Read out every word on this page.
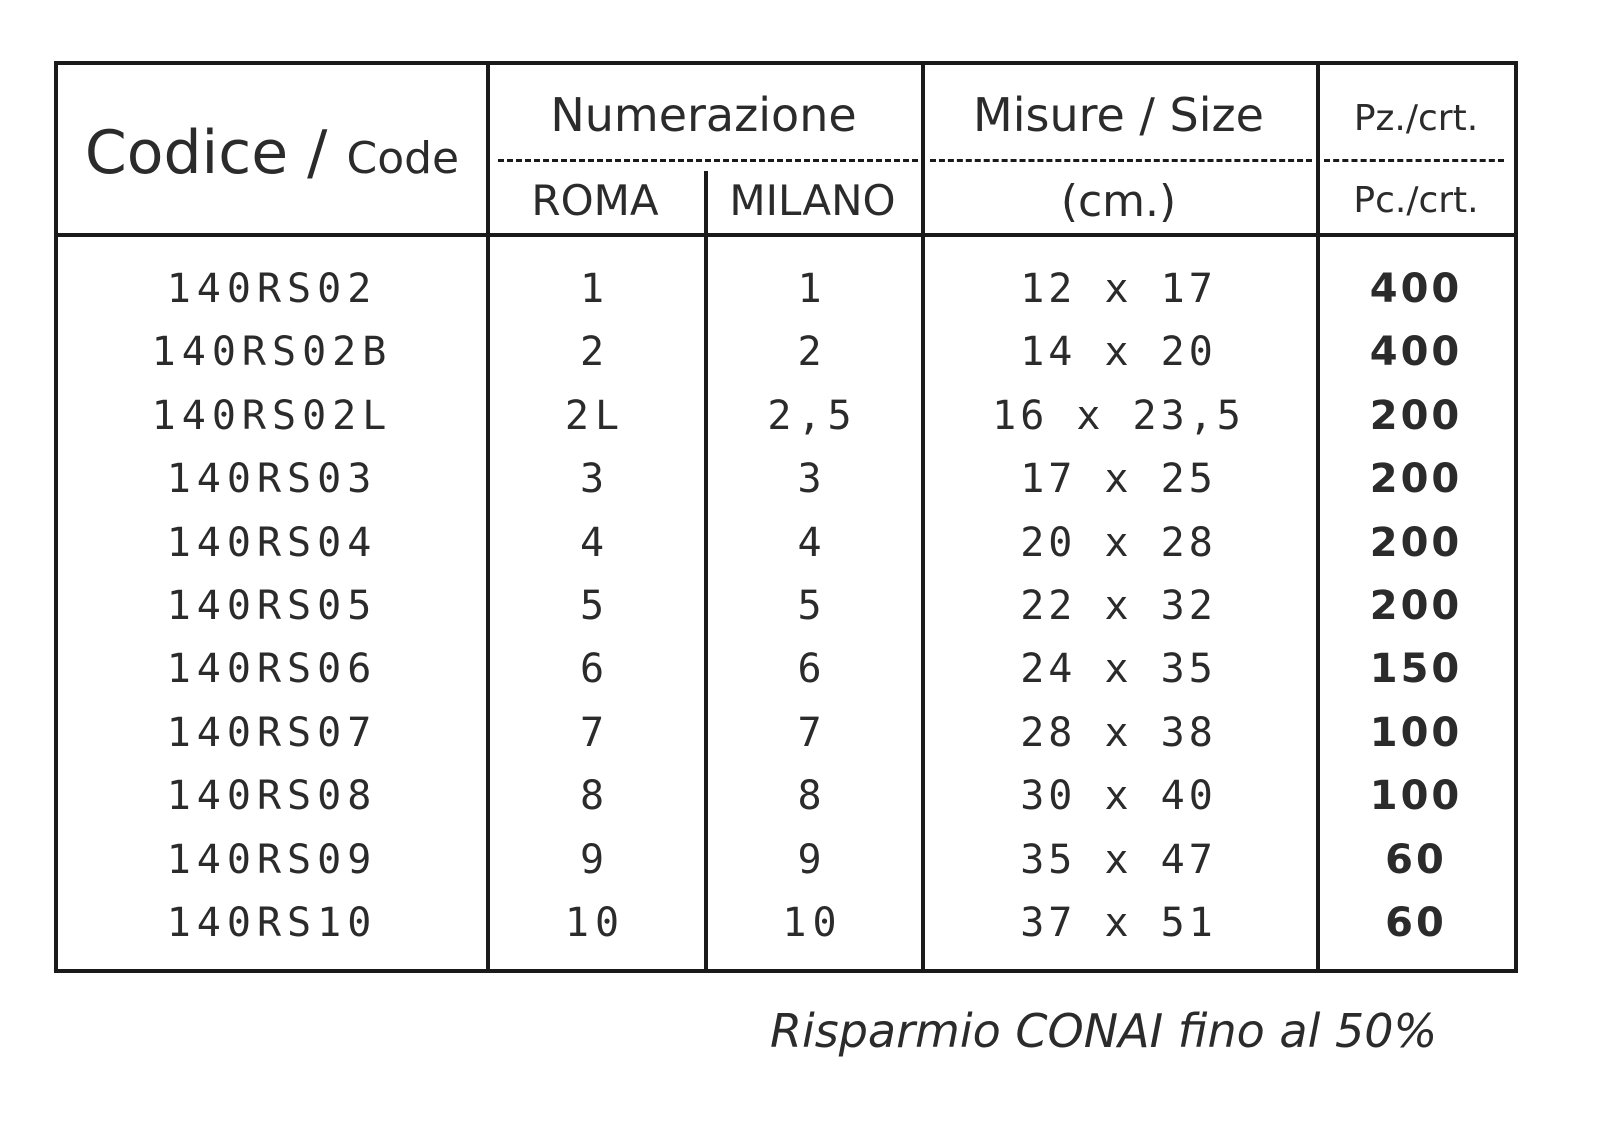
Codice / Code
Numerazione
ROMA	MILANO
Misure / Size
(cm.)
Pz./crt.
Pc./crt.
140RS02
140RS02B
140RS02L
140RS03
140RS04
140RS05
140RS06
140RS07
140RS08
140RS09
140RS10
1
2
2L
3
4
5
6
7
8
9
10
1
2
2,5
3
4
5
6
7
8
9
10
12 x 17
14 x 20
16 x 23,5
17 x 25
20 x 28
22 x 32
24 x 35
28 x 38
30 x 40
35 x 47
37 x 51
400
400
200
200
200
200
150
100
100
60
60
Risparmio CONAI fino al 50%
